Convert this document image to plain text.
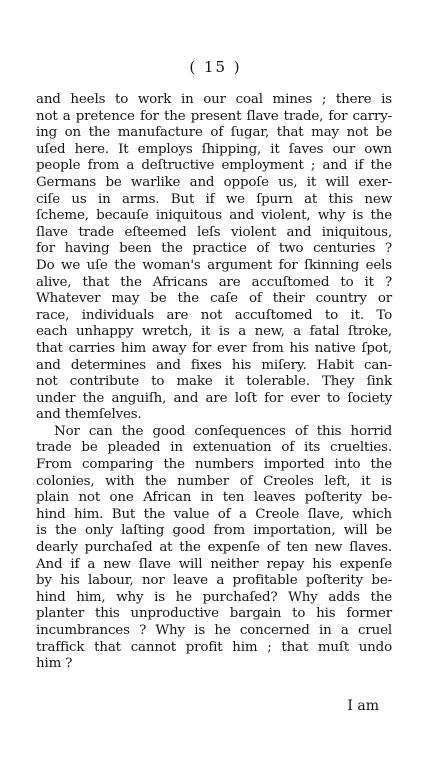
( 15 )
and heels to work in our coal mines ; there is
not a pretence for the present ſlave trade, for carry-
ing on the manufacture of ſugar, that may not be
uſed here. It employs ſhipping, it ſaves our own
people from a deſtructive employment ; and if the
Germans be warlike and oppoſe us, it will exer-
ciſe us in arms. But if we ſpurn at this new
ſcheme, becauſe iniquitous and violent, why is the
ſlave trade eſteemed leſs violent and iniquitous,
for having been the practice of two centuries ?
Do we uſe the woman's argument for ſkinning eels
alive, that the Africans are accuſtomed to it ?
Whatever may be the caſe of their country or
race, individuals are not accuſtomed to it. To
each unhappy wretch, it is a new, a fatal ſtroke,
that carries him away for ever from his native ſpot,
and determines and fixes his miſery. Habit can-
not contribute to make it tolerable. They ſink
under the anguiſh, and are loſt for ever to ſociety
and themſelves.
Nor can the good conſequences of this horrid
trade be pleaded in extenuation of its cruelties.
From comparing the numbers imported into the
colonies, with the number of Creoles left, it is
plain not one African in ten leaves poſterity be-
hind him. But the value of a Creole ſlave, which
is the only laſting good from importation, will be
dearly purchaſed at the expenſe of ten new ſlaves.
And if a new ſlave will neither repay his expenſe
by his labour, nor leave a profitable poſterity be-
hind him, why is he purchaſed? Why adds the
planter this unproductive bargain to his former
incumbrances ? Why is he concerned in a cruel
traffick that cannot profit him ; that muſt undo
him ?
I am
